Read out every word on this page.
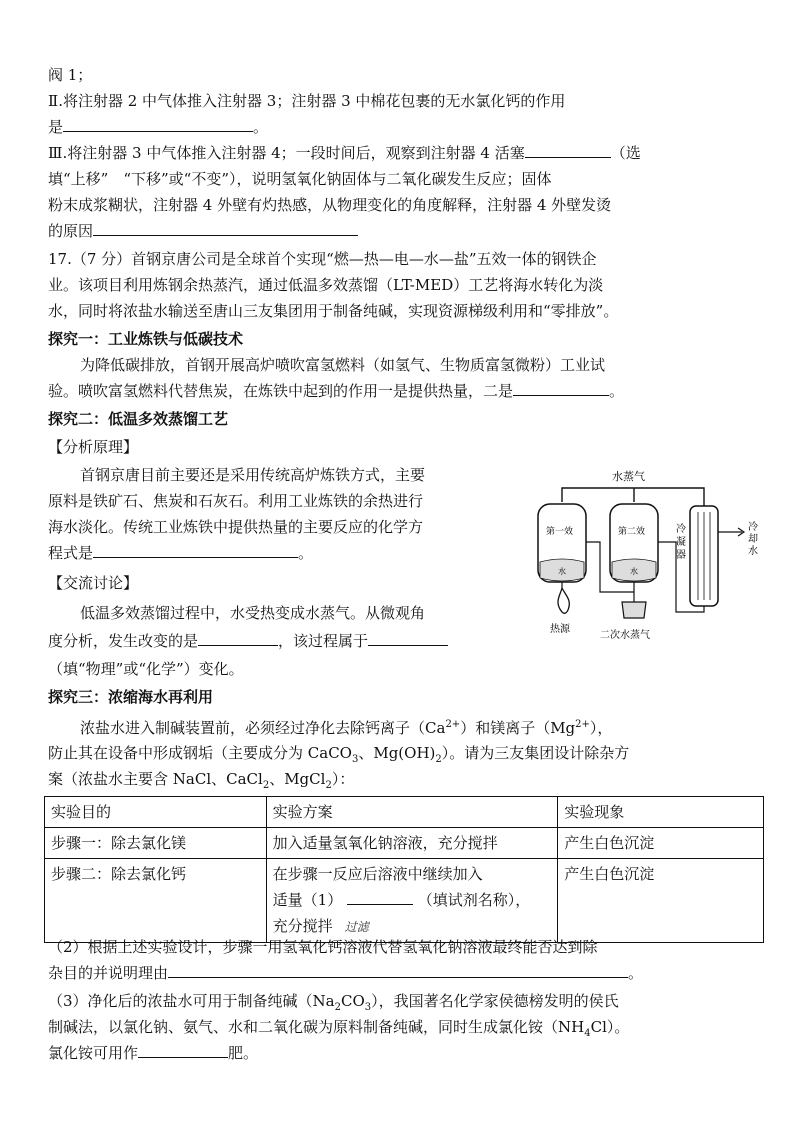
阀 1；
Ⅱ.将注射器 2 中气体推入注射器 3；注射器 3 中棉花包裹的无水氯化钙的作用
是	。
Ⅲ.将注射器 3 中气体推入注射器 4；一段时间后，观察到注射器 4 活塞	（选
填“上移”　“下移”或“不变”），说明氢氧化钠固体与二氧化碳发生反应；固体
粉末成浆糊状，注射器 4 外壁有灼热感，从物理变化的角度解释，注射器 4 外壁发烫
的原因
17.（7 分）首钢京唐公司是全球首个实现“燃—热—电—水—盐”五效一体的钢铁企
业。该项目利用炼钢余热蒸汽，通过低温多效蒸馏（LT-MED）工艺将海水转化为淡
水，同时将浓盐水输送至唐山三友集团用于制备纯碱，实现资源梯级利用和“零排放”。
探究一：工业炼铁与低碳技术
为降低碳排放，首钢开展高炉喷吹富氢燃料（如氢气、生物质富氢微粉）工业试
验。喷吹富氢燃料代替焦炭，在炼铁中起到的作用一是提供热量，二是	。
探究二：低温多效蒸馏工艺
【分析原理】
首钢京唐目前主要还是采用传统高炉炼铁方式，主要
原料是铁矿石、焦炭和石灰石。利用工业炼铁的余热进行
海水淡化。传统工业炼铁中提供热量的主要反应的化学方
程式是	。
【交流讨论】
低温多效蒸馏过程中，水受热变成水蒸气。从微观角
度分析，发生改变的是	，该过程属于
（填“物理”或“化学”）变化。
探究三：浓缩海水再利用
浓盐水进入制碱装置前，必须经过净化去除钙离子$(Ca^{2+})$和镁离子$(Mg^{2+})$，
防止其在设备中形成钢垢（主要成分为 CaCO$_3$、$Mg(OH)_2$）。请为三友集团设计除杂方
案（浓盐水主要含 NaCl、CaCl$_2$、MgCl$_2$）：
实验目的	实验方案	实验现象
步骤一：除去氯化镁	加入适量氢氧化钠溶液，充分搅拌	产生白色沉淀
步骤二：除去氯化钙	在步骤一反应后溶液中继续加入
适量（1） （填试剂名称），
充分搅拌 过滤	产生白色沉淀
（2）根据上述实验设计，步骤一用氢氧化钙溶液代替氢氧化钠溶液最终能否达到除
杂目的并说明理由	。
（3）净化后的浓盐水可用于制备纯碱$(Na_2CO_3)$，我国著名化学家侯德榜发明的侯氏
制碱法，以氯化钠、氨气、水和二氧化碳为原料制备纯碱，同时生成氯化铵$(NH_4Cl)$。
氯化铵可用作	肥。
水蒸气
第一效
水
第二效
水
冷 凝 器
冷 却 水
热源
二次水蒸气
